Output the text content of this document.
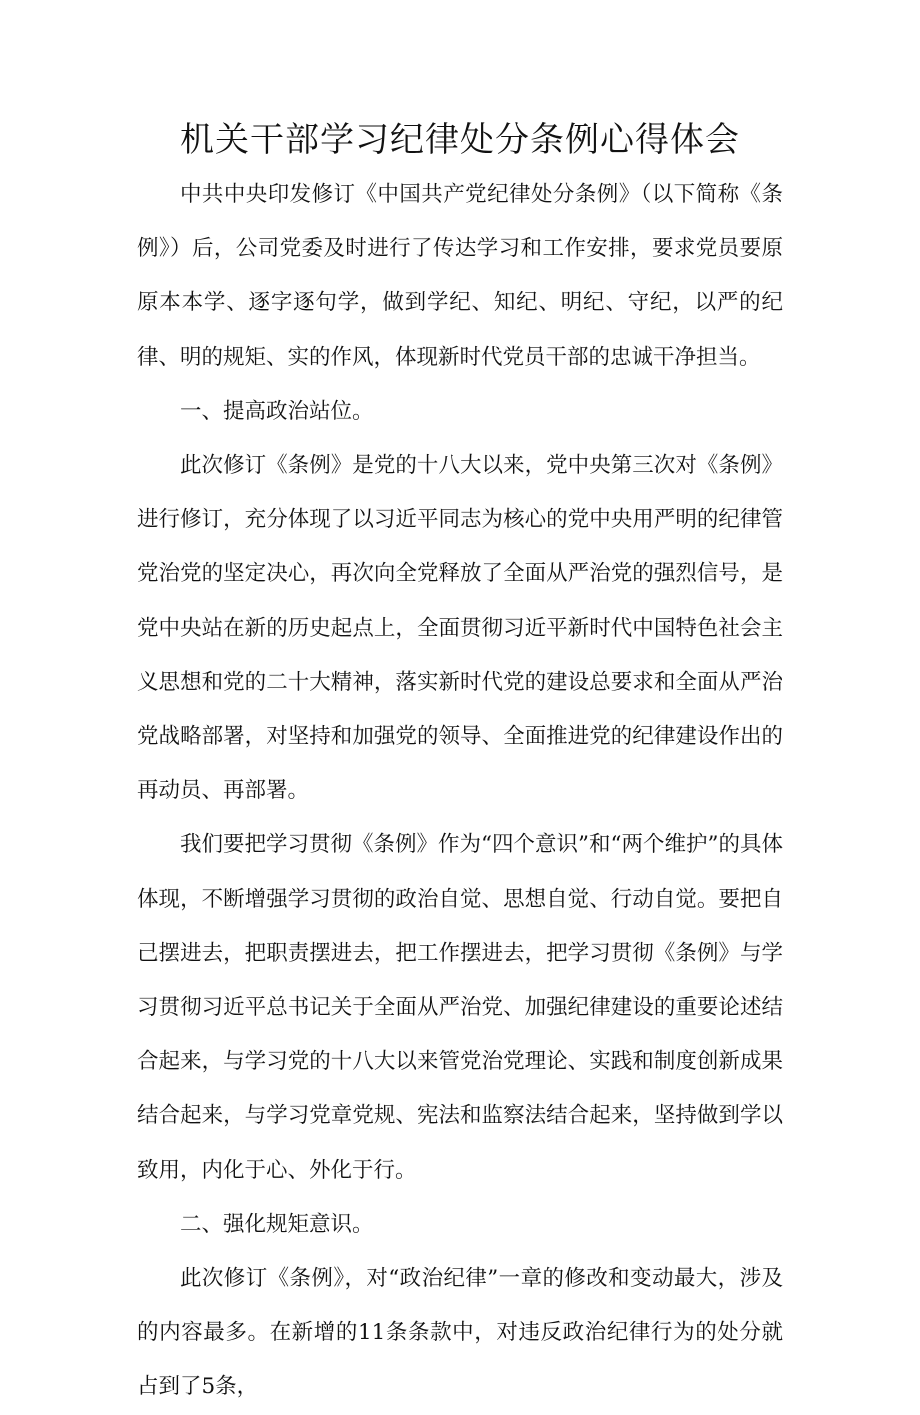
机关干部学习纪律处分条例心得体会

中共中央印发修订《中国共产党纪律处分条例》（以下简称《条例》）后，公司党委及时进行了传达学习和工作安排，要求党员要原原本本学、逐字逐句学，做到学纪、知纪、明纪、守纪，以严的纪律、明的规矩、实的作风，体现新时代党员干部的忠诚干净担当。

一、提高政治站位。

此次修订《条例》是党的十八大以来，党中央第三次对《条例》进行修订，充分体现了以习近平同志为核心的党中央用严明的纪律管党治党的坚定决心，再次向全党释放了全面从严治党的强烈信号，是党中央站在新的历史起点上，全面贯彻习近平新时代中国特色社会主义思想和党的二十大精神，落实新时代党的建设总要求和全面从严治党战略部署，对坚持和加强党的领导、全面推进党的纪律建设作出的再动员、再部署。

我们要把学习贯彻《条例》作为“四个意识”和“两个维护”的具体体现，不断增强学习贯彻的政治自觉、思想自觉、行动自觉。要把自己摆进去，把职责摆进去，把工作摆进去，把学习贯彻《条例》与学习贯彻习近平总书记关于全面从严治党、加强纪律建设的重要论述结合起来，与学习党的十八大以来管党治党理论、实践和制度创新成果结合起来，与学习党章党规、宪法和监察法结合起来，坚持做到学以致用，内化于心、外化于行。

二、强化规矩意识。

此次修订《条例》，对“政治纪律”一章的修改和变动最大，涉及的内容最多。在新增的11条条款中，对违反政治纪律行为的处分就占到了5条，
